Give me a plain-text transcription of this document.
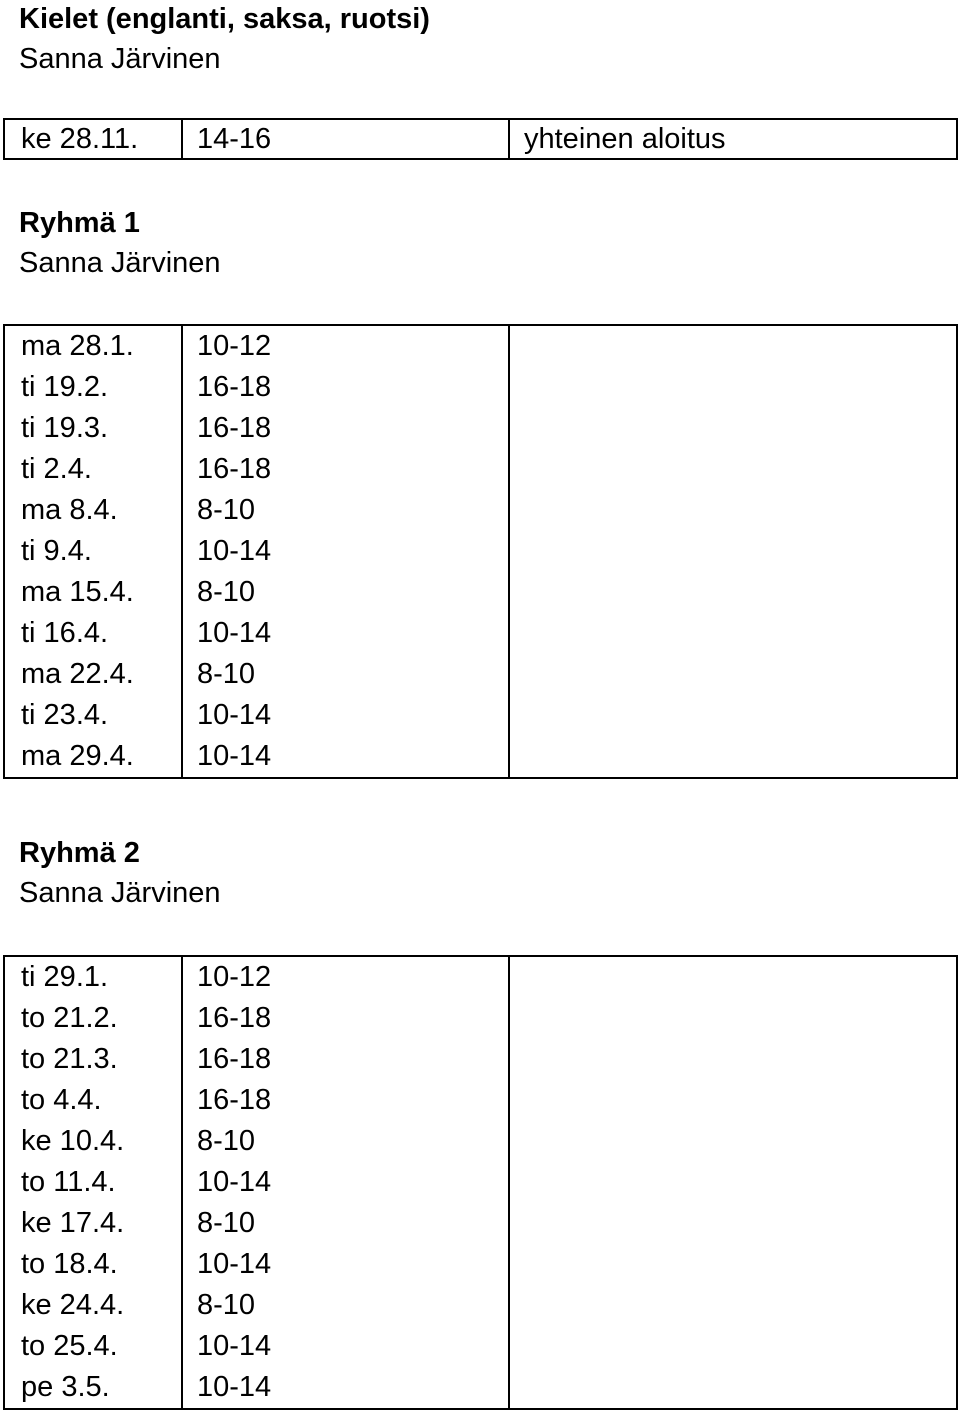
Kielet (englanti, saksa, ruotsi)
Sanna Järvinen
ke 28.11.	14-16	yhteinen aloitus
Ryhmä 1
Sanna Järvinen
ma 28.1.	10-12	
ti 19.2.	16-18	
ti 19.3.	16-18	
ti 2.4.	16-18	
ma 8.4.	8-10	
ti 9.4.	10-14	
ma 15.4.	8-10	
ti 16.4.	10-14	
ma 22.4.	8-10	
ti 23.4.	10-14	
ma 29.4.	10-14	
Ryhmä 2
Sanna Järvinen
ti 29.1.	10-12	
to 21.2.	16-18	
to 21.3.	16-18	
to 4.4.	16-18	
ke 10.4.	8-10	
to 11.4.	10-14	
ke 17.4.	8-10	
to 18.4.	10-14	
ke 24.4.	8-10	
to 25.4.	10-14	
pe 3.5.	10-14	
